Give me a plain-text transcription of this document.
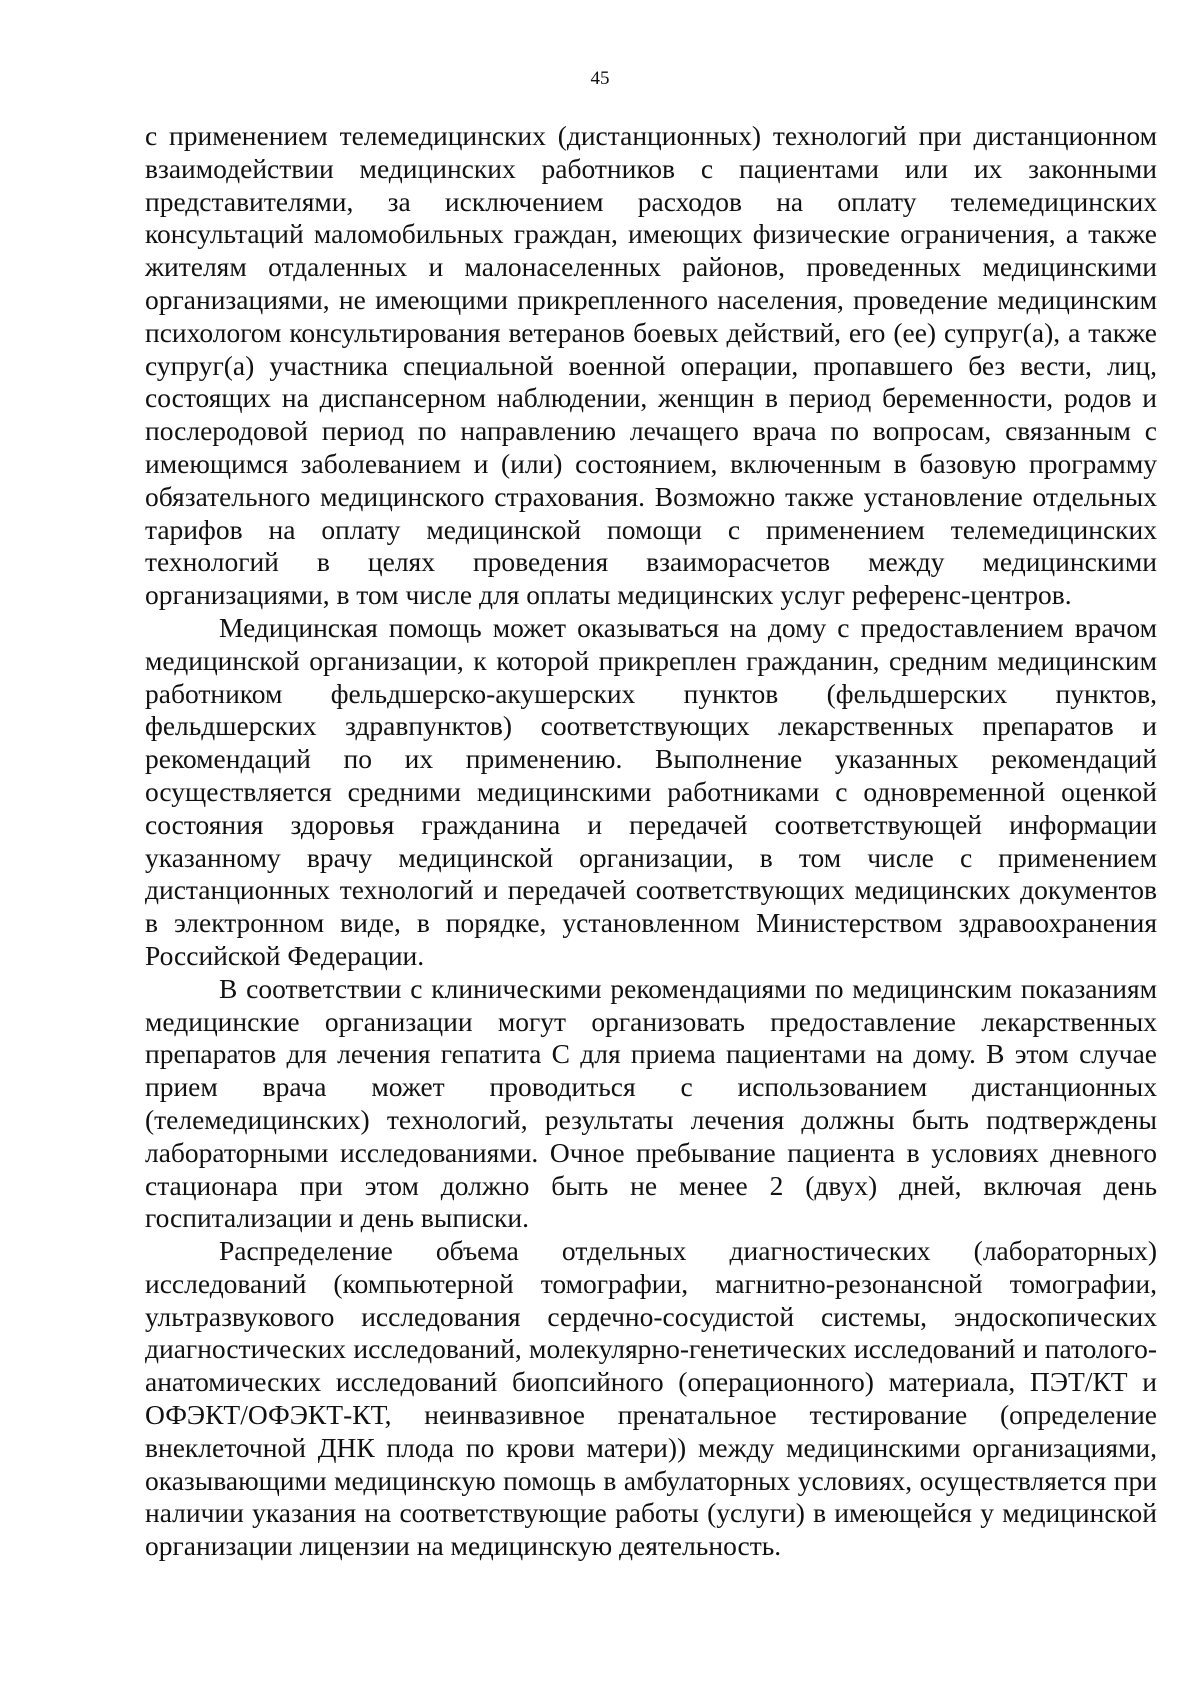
45

с применением телемедицинских (дистанционных) технологий при дистанционном взаимодействии медицинских работников с пациентами или их законными представителями, за исключением расходов на оплату телемедицинских консультаций маломобильных граждан, имеющих физические ограничения, а также жителям отдаленных и малонаселенных районов, проведенных медицинскими организациями, не имеющими прикрепленного населения, проведение медицинским психологом консультирования ветеранов боевых действий, его (ее) супруг(а), а также супруг(а) участника специальной военной операции, пропавшего без вести, лиц, состоящих на диспансерном наблюдении, женщин в период беременности, родов и послеродовой период по направлению лечащего врача по вопросам, связанным с имеющимся заболеванием и (или) состоянием, включенным в базовую программу обязательного медицинского страхования. Возможно также установление отдельных тарифов на оплату медицинской помощи с применением телемедицинских технологий в целях проведения взаиморасчетов между медицинскими организациями, в том числе для оплаты медицинских услуг референс-центров.

Медицинская помощь может оказываться на дому с предоставлением врачом медицинской организации, к которой прикреплен гражданин, средним медицинским работником фельдшерско-акушерских пунктов (фельдшерских пунктов, фельдшерских здравпунктов) соответствующих лекарственных препаратов и рекомендаций по их применению. Выполнение указанных рекомендаций осуществляется средними медицинскими работниками с одновременной оценкой состояния здоровья гражданина и передачей соответствующей информации указанному врачу медицинской организации, в том числе с применением дистанционных технологий и передачей соответствующих медицинских документов в электронном виде, в порядке, установленном Министерством здравоохранения Российской Федерации.

В соответствии с клиническими рекомендациями по медицинским показаниям медицинские организации могут организовать предоставление лекарственных препаратов для лечения гепатита С для приема пациентами на дому. В этом случае прием врача может проводиться с использованием дистанционных (телемедицинских) технологий, результаты лечения должны быть подтверждены лабораторными исследованиями. Очное пребывание пациента в условиях дневного стационара при этом должно быть не менее 2 (двух) дней, включая день госпитализации и день выписки.

Распределение объема отдельных диагностических (лабораторных) исследований (компьютерной томографии, магнитно-резонансной томографии, ультразвукового исследования сердечно-сосудистой системы, эндоскопических диагностических исследований, молекулярно-генетических исследований и патолого-анатомических исследований биопсийного (операционного) материала, ПЭТ/КТ и ОФЭКТ/ОФЭКТ-КТ, неинвазивное пренатальное тестирование (определение внеклеточной ДНК плода по крови матери)) между медицинскими организациями, оказывающими медицинскую помощь в амбулаторных условиях, осуществляется при наличии указания на соответствующие работы (услуги) в имеющейся у медицинской организации лицензии на медицинскую деятельность.
